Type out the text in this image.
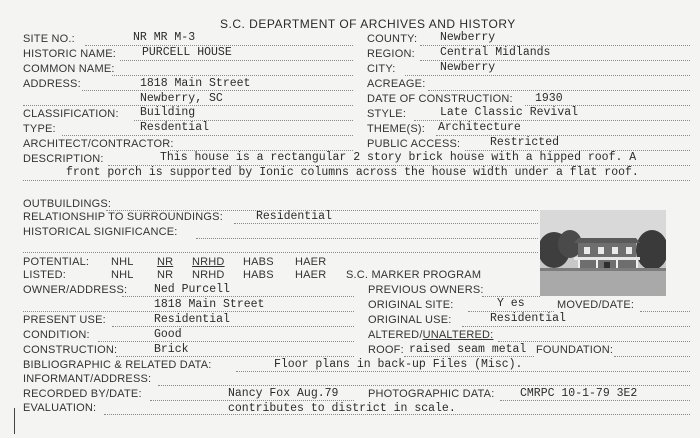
S.C. DEPARTMENT OF ARCHIVES AND HISTORY
SITE NO.:	NR MR M-3
HISTORIC NAME: PURCELL HOUSE
COMMON NAME:
ADDRESS:	1818 Main Street
Newberry, SC
CLASSIFICATION: Building
TYPE:	Resdential
ARCHITECT/CONTRACTOR:
COUNTY: Newberry
REGION: Central Midlands
CITY:	Newberry
ACREAGE:
DATE OF CONSTRUCTION: 1930
STYLE:	Late Classic Revival
THEME(S): Architecture
PUBLIC ACCESS:	Restricted
DESCRIPTION:	This house is a rectangular 2 story brick house with a hipped roof. A
front porch is supported by Ionic columns across the house width under a flat roof.
OUTBUILDINGS:
RELATIONSHIP TO SURROUNDINGS:	Residential
HISTORICAL SIGNIFICANCE:
POTENTIAL: NHL NR NRHD HABS HAER
LISTED:	NHL NR NRHD HABS HAER S.C. MARKER PROGRAM
OWNER/ADDRESS: Ned Purcell
1818 Main Street
PREVIOUS OWNERS:
ORIGINAL SITE:	Y es	MOVED/DATE:
PRESENT USE:	Residential	ORIGINAL USE:	Residential
CONDITION:	Good	ALTERED/UNALTERED:
CONSTRUCTION:	Brick	ROOF: raised seam metal FOUNDATION:
BIBLIOGRAPHIC & RELATED DATA:	Floor plans in back-up Files (Misc).
INFORMANT/ADDRESS:
RECORDED BY/DATE:	Nancy Fox Aug.79	PHOTOGRAPHIC DATA: CMRPC 10-1-79 3E2
EVALUATION:	contributes to district in scale.
